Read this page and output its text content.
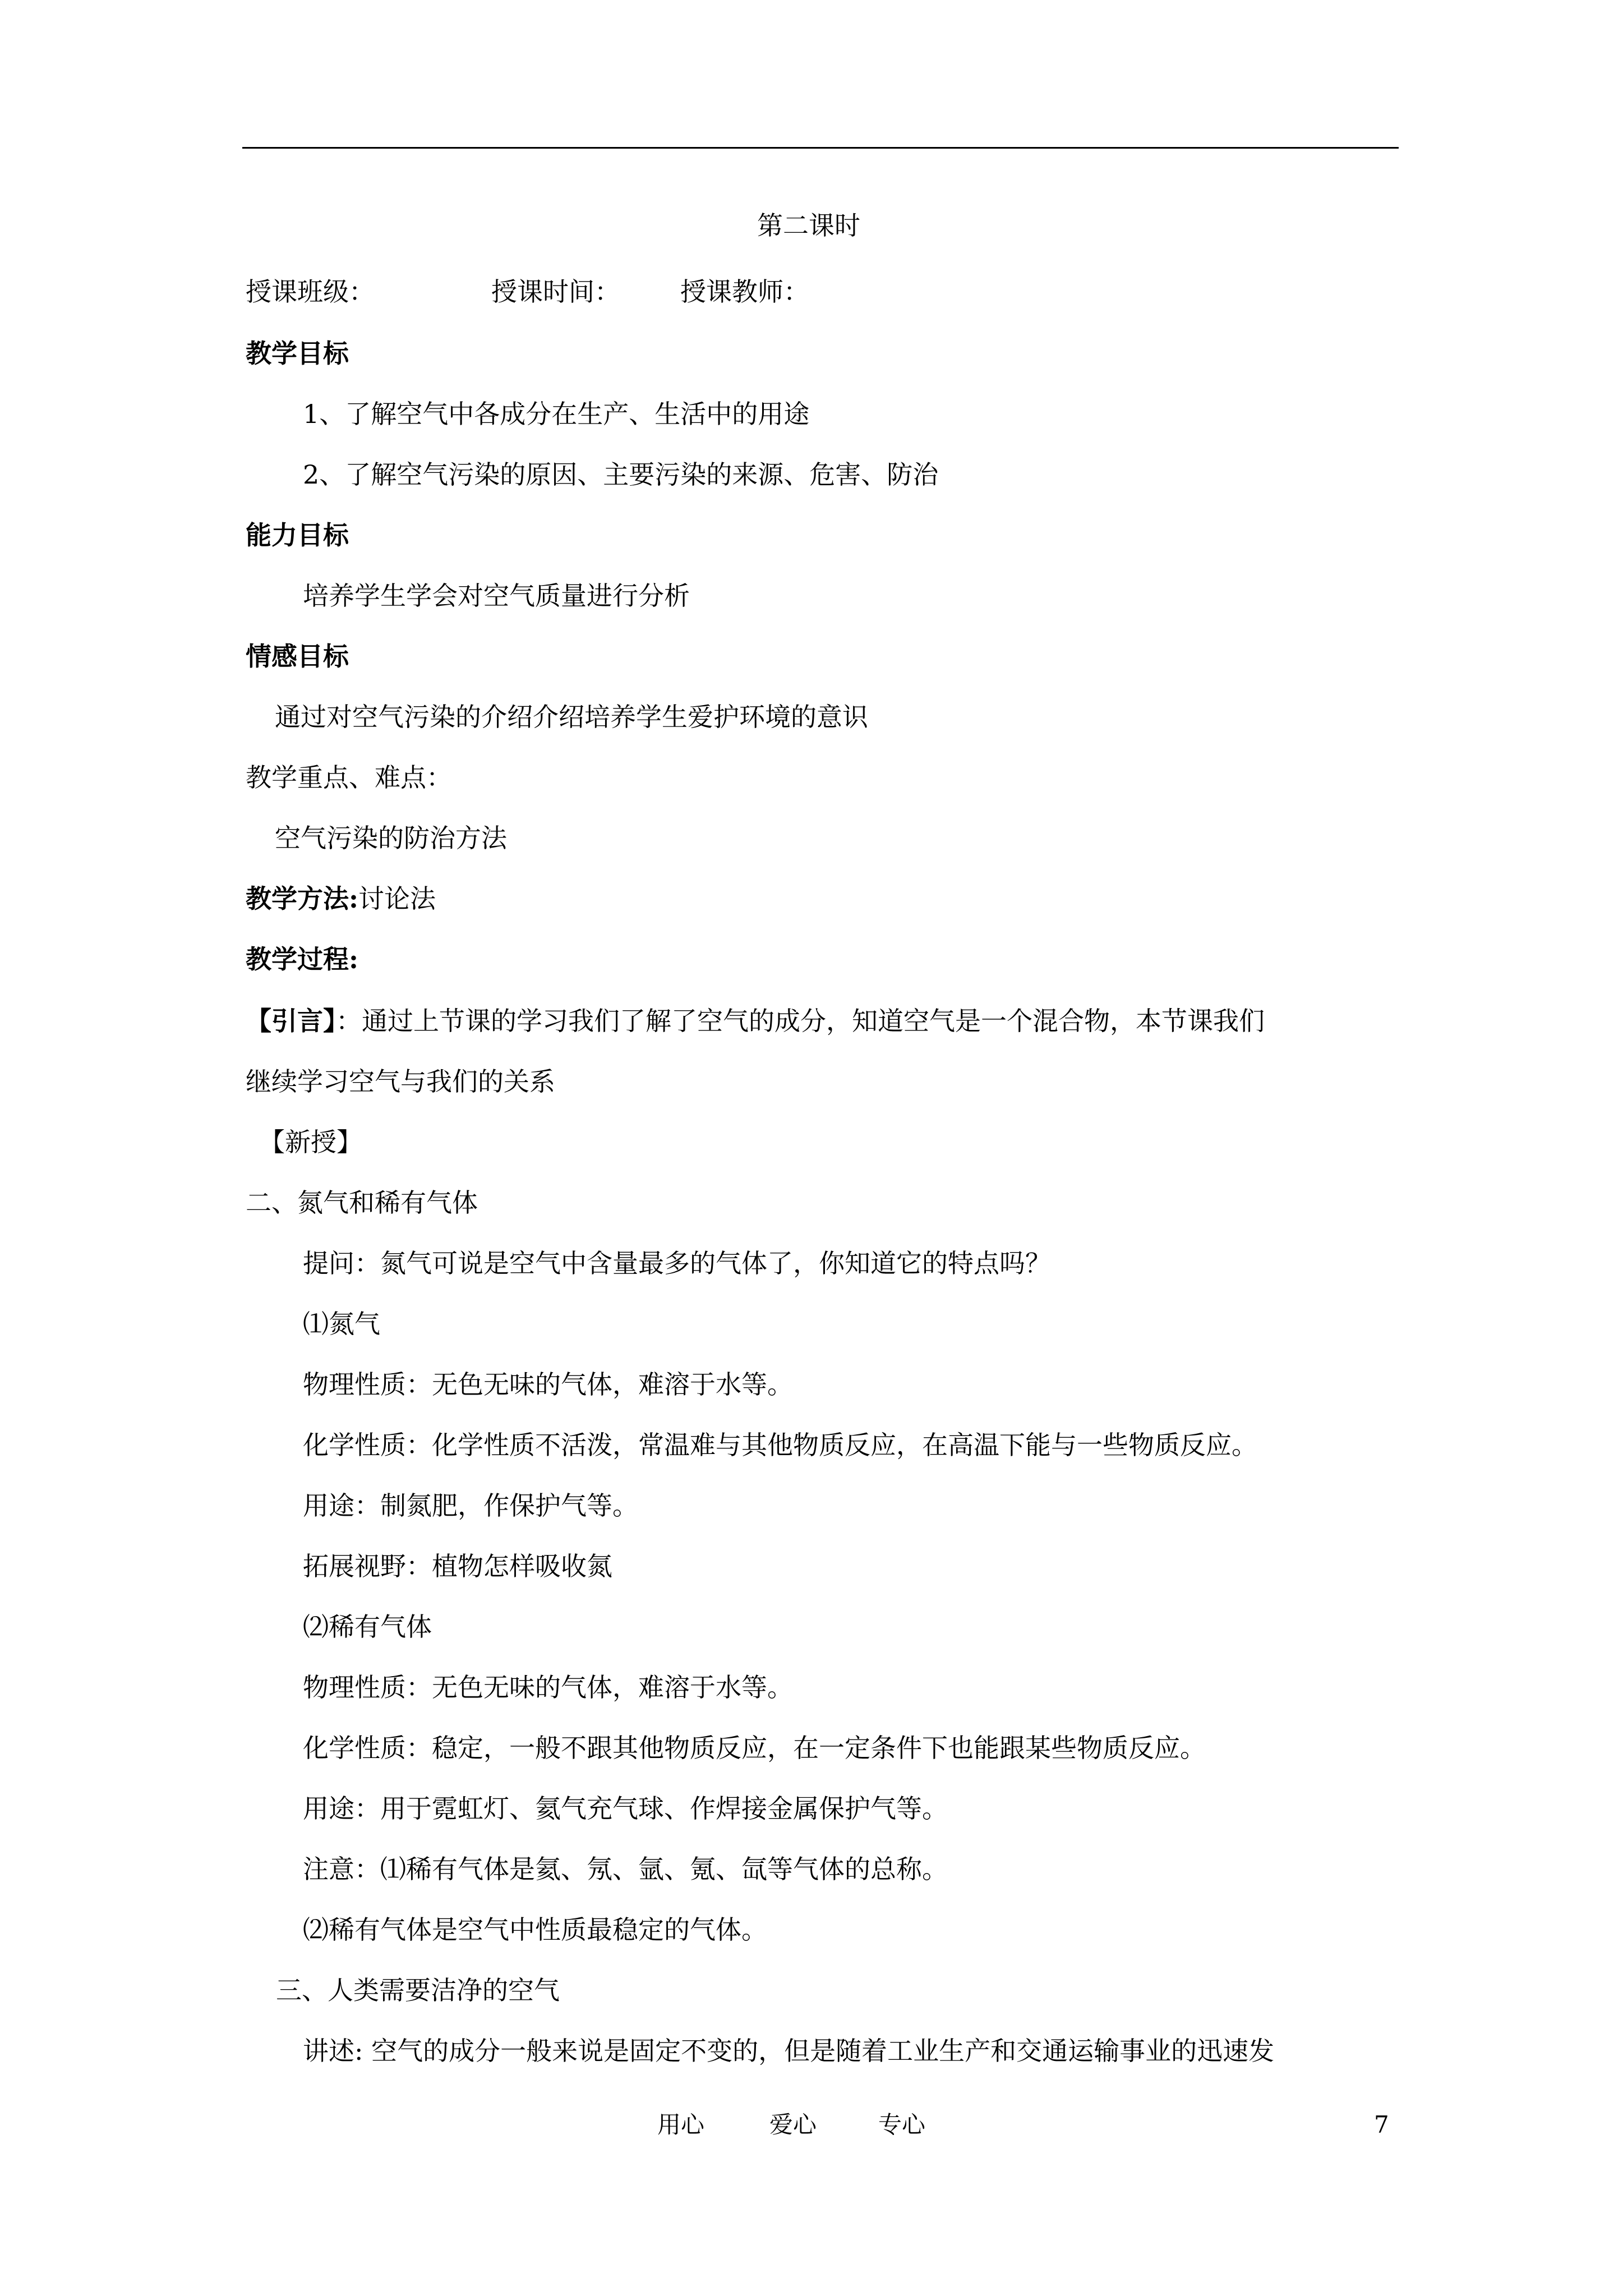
第二课时
授课班级：	授课时间： 授课教师：
教学目标
1、了解空气中各成分在生产、生活中的用途
2、了解空气污染的原因、主要污染的来源、危害、防治
能力目标
培养学生学会对空气质量进行分析
情感目标
通过对空气污染的介绍介绍培养学生爱护环境的意识
教学重点、难点：
空气污染的防治方法
教学方法:讨论法
教学过程:
【引言】：通过上节课的学习我们了解了空气的成分，知道空气是一个混合物，本节课我们
继续学习空气与我们的关系
【新授】
二、氮气和稀有气体
提问：氮气可说是空气中含量最多的气体了，你知道它的特点吗？
⑴氮气
物理性质：无色无味的气体，难溶于水等。
化学性质：化学性质不活泼，常温难与其他物质反应，在高温下能与一些物质反应。
用途：制氮肥，作保护气等。
拓展视野：植物怎样吸收氮
⑵稀有气体
物理性质：无色无味的气体，难溶于水等。
化学性质：稳定，一般不跟其他物质反应，在一定条件下也能跟某些物质反应。
用途：用于霓虹灯、氦气充气球、作焊接金属保护气等。
注意：⑴稀有气体是氦、氖、氩、氪、氙等气体的总称。
⑵稀有气体是空气中性质最稳定的气体。
三、人类需要洁净的空气
讲述: 空气的成分一般来说是固定不变的，但是随着工业生产和交通运输事业的迅速发
用心	爱心	专心	7
